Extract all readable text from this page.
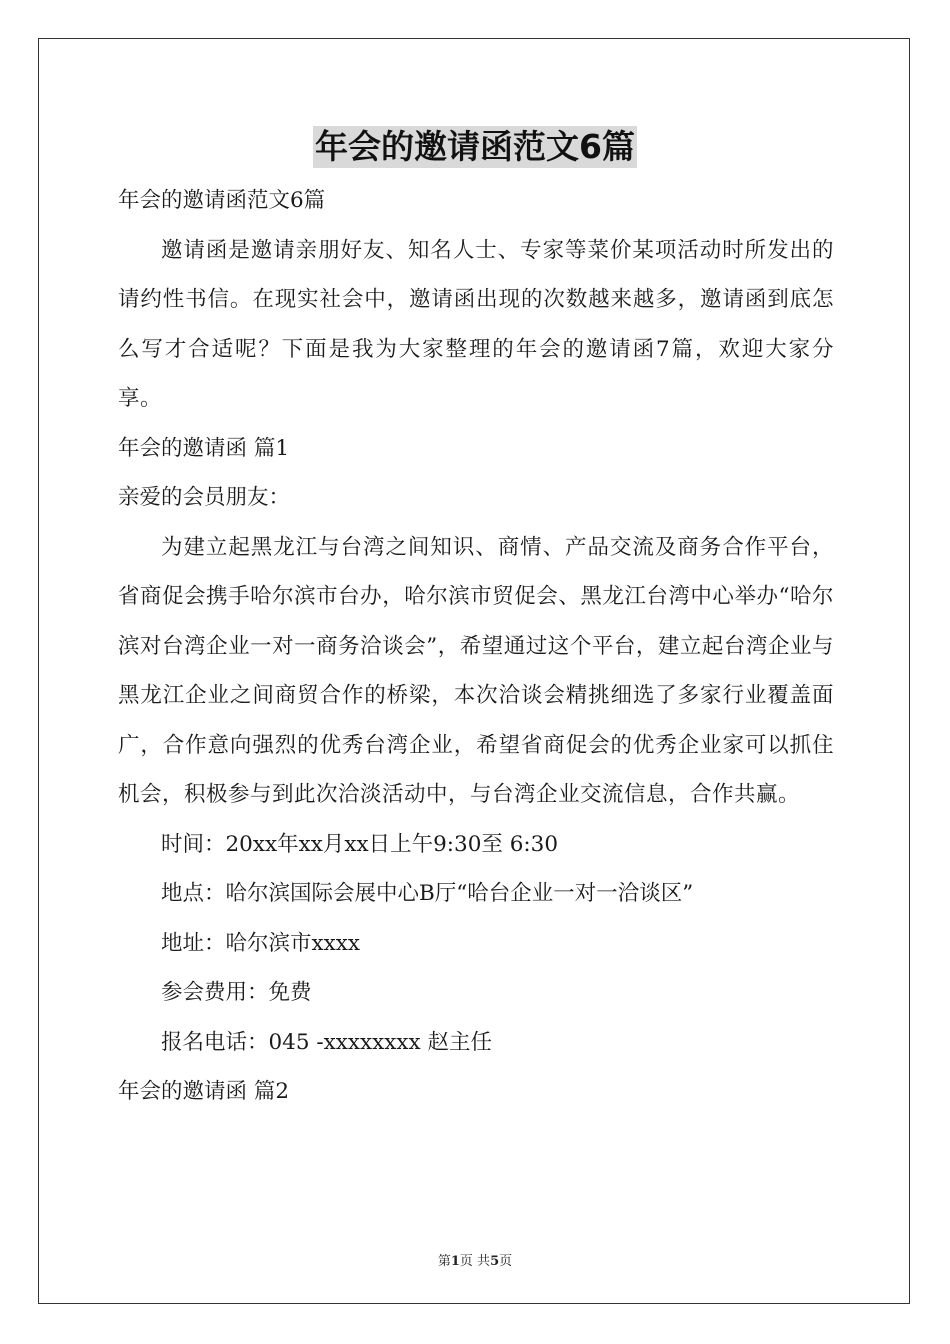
年会的邀请函范文6篇

年会的邀请函范文6篇

邀请函是邀请亲朋好友、知名人士、专家等菜价某项活动时所发出的请约性书信。在现实社会中，邀请函出现的次数越来越多，邀请函到底怎么写才合适呢？下面是我为大家整理的年会的邀请函7篇，欢迎大家分享。

年会的邀请函 篇1

亲爱的会员朋友：

为建立起黑龙江与台湾之间知识、商情、产品交流及商务合作平台，省商促会携手哈尔滨市台办，哈尔滨市贸促会、黑龙江台湾中心举办“哈尔滨对台湾企业一对一商务洽谈会”，希望通过这个平台，建立起台湾企业与黑龙江企业之间商贸合作的桥梁，本次洽谈会精挑细选了多家行业覆盖面广，合作意向强烈的优秀台湾企业，希望省商促会的优秀企业家可以抓住机会，积极参与到此次洽淡活动中，与台湾企业交流信息，合作共赢。

时间：20xx年xx月xx日上午9:30至 6:30

地点：哈尔滨国际会展中心B厅“哈台企业一对一洽谈区”

地址：哈尔滨市xxxx

参会费用：免费

报名电话：045 -xxxxxxxx 赵主任

年会的邀请函 篇2

第1页 共5页
